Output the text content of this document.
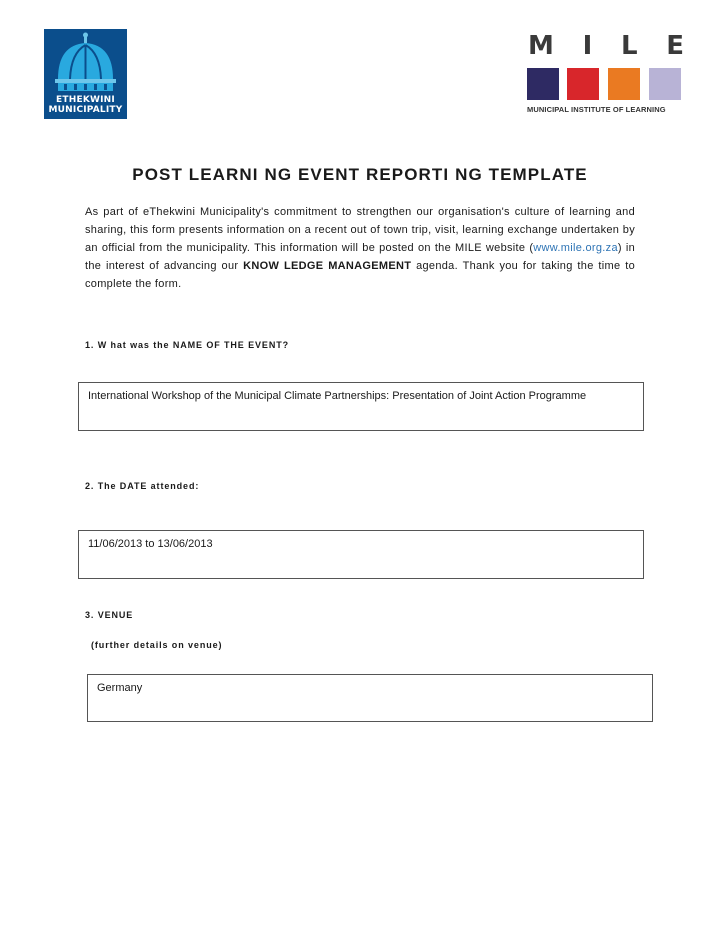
ETHEKWINI
MUNICIPALITY
M I L E
MUNICIPAL INSTITUTE OF LEARNING
POST LEARNI NG EVENT REPORTI NG TEMPLATE
As part of eThekwini Municipality's commitment to strengthen our organisation's culture of learning and sharing, this form presents information on a recent out of town trip, visit, learning exchange undertaken by an official from the municipality. This information will be posted on the MILE website (www.mile.org.za) in the interest of advancing our KNOW LEDGE MANAGEMENT agenda. Thank you for taking the time to complete the form.
1. W hat was the NAME OF THE EVENT?
International Workshop of the Municipal Climate Partnerships: Presentation of Joint Action Programme
2. The DATE attended:
11/06/2013 to 13/06/2013
3. VENUE
(further details on venue)
Germany
